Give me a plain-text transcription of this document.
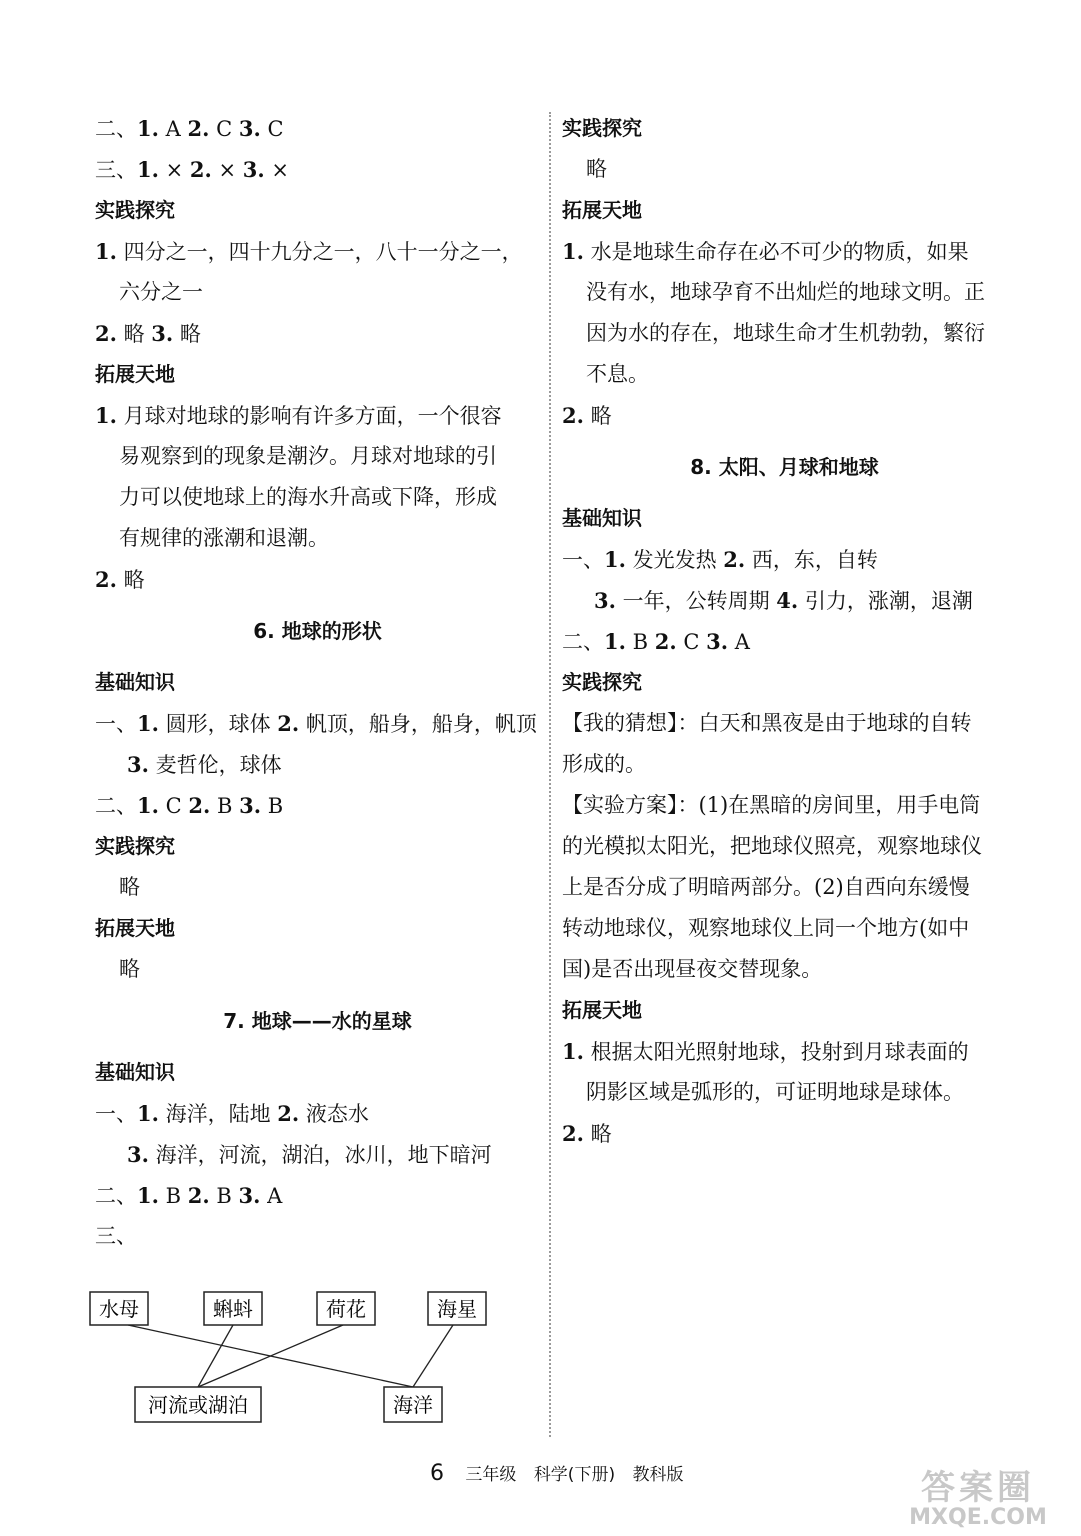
二、1. A 2. C 3. C
三、1. × 2. × 3. ×
实践探究
1. 四分之一，四十九分之一，八十一分之一，
六分之一
2. 略 3. 略
拓展天地
1. 月球对地球的影响有许多方面，一个很容
易观察到的现象是潮汐。月球对地球的引
力可以使地球上的海水升高或下降，形成
有规律的涨潮和退潮。
2. 略
6. 地球的形状
基础知识
一、1. 圆形，球体 2. 帆顶，船身，船身，帆顶
3. 麦哲伦，球体
二、1. C 2. B 3. B
实践探究
略
拓展天地
略
7. 地球——水的星球
基础知识
一、1. 海洋，陆地 2. 液态水
3. 海洋，河流，湖泊，冰川，地下暗河
二、1. B 2. B 3. A
三、
水母	蝌蚪	荷花	海星
河流或湖泊	海洋
实践探究
略
拓展天地
1. 水是地球生命存在必不可少的物质，如果
没有水，地球孕育不出灿烂的地球文明。正
因为水的存在，地球生命才生机勃勃，繁衍
不息。
2. 略
8. 太阳、月球和地球
基础知识
一、1. 发光发热 2. 西，东，自转
3. 一年，公转周期 4. 引力，涨潮，退潮
二、1. B 2. C 3. A
实践探究
【我的猜想】：白天和黑夜是由于地球的自转
形成的。
【实验方案】：(1)在黑暗的房间里，用手电筒
的光模拟太阳光，把地球仪照亮，观察地球仪
上是否分成了明暗两部分。(2)自西向东缓慢
转动地球仪，观察地球仪上同一个地方(如中
国)是否出现昼夜交替现象。
拓展天地
1. 根据太阳光照射地球，投射到月球表面的
阴影区域是弧形的，可证明地球是球体。
2. 略
6 三年级 科学(下册) 教科版	答案圈
MXQE.COM
